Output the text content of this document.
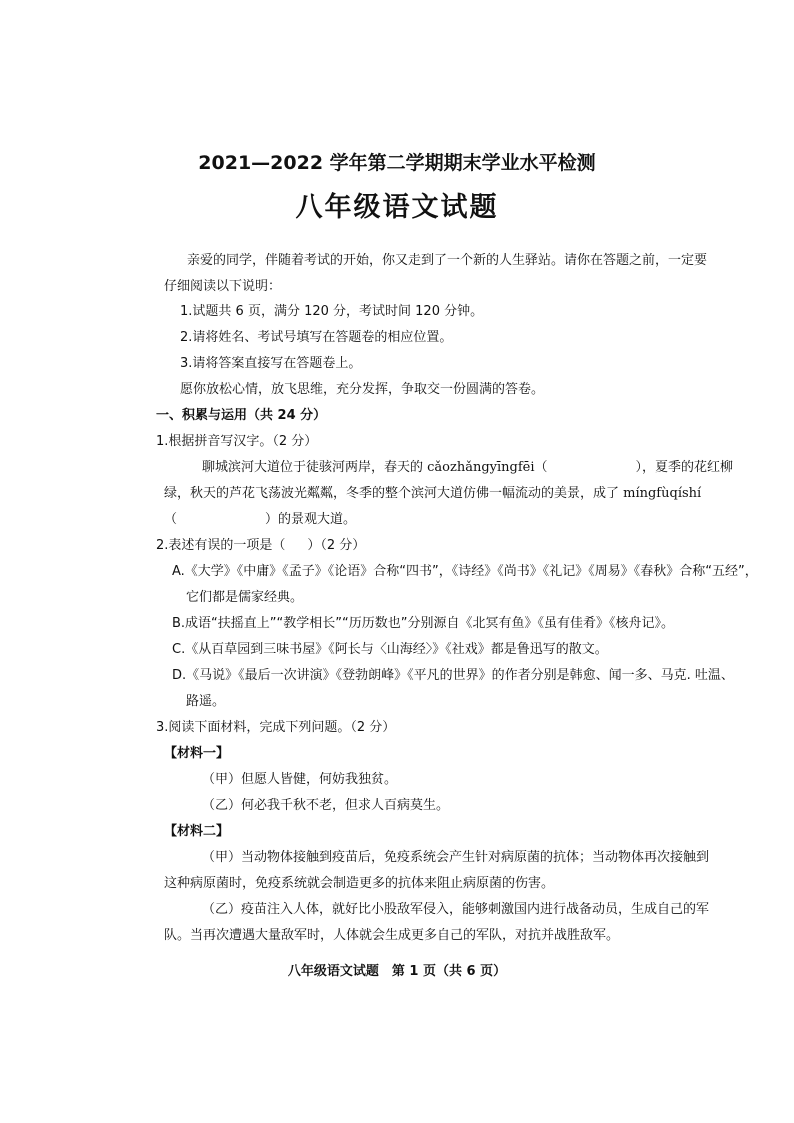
2021—2022 学年第二学期期末学业水平检测
八年级语文试题
亲爱的同学，伴随着考试的开始，你又走到了一个新的人生驿站。请你在答题之前，一定要
仔细阅读以下说明：
1.试题共 6 页，满分 120 分，考试时间 120 分钟。
2.请将姓名、考试号填写在答题卷的相应位置。
3.请将答案直接写在答题卷上。
愿你放松心情，放飞思维，充分发挥，争取交一份圆满的答卷。
一、积累与运用（共 24 分）
1.根据拼音写汉字。（2 分）
聊城滨河大道位于徒骇河两岸，春天的 cǎozhǎngyīngfēi（	），夏季的花红柳
绿，秋天的芦花飞荡波光粼粼，冬季的整个滨河大道仿佛一幅流动的美景，成了 míngfùqíshí
（	）的景观大道。
2.表述有误的一项是（ ）（2 分）
A.《大学》《中庸》《孟子》《论语》合称“四书”，《诗经》《尚书》《礼记》《周易》《春秋》合称“五经”，
它们都是儒家经典。
B.成语“扶摇直上”“教学相长”“历历数也”分别源自《北冥有鱼》《虽有佳肴》《核舟记》。
C.《从百草园到三味书屋》《阿长与〈山海经〉》《社戏》都是鲁迅写的散文。
D.《马说》《最后一次讲演》《登勃朗峰》《平凡的世界》的作者分别是韩愈、闻一多、马克. 吐温、
路遥。
3.阅读下面材料，完成下列问题。（2 分）
【材料一】
（甲）但愿人皆健，何妨我独贫。
（乙）何必我千秋不老，但求人百病莫生。
【材料二】
（甲）当动物体接触到疫苗后，免疫系统会产生针对病原菌的抗体；当动物体再次接触到
这种病原菌时，免疫系统就会制造更多的抗体来阻止病原菌的伤害。
（乙）疫苗注入人体，就好比小股敌军侵入，能够刺激国内进行战备动员，生成自己的军
队。当再次遭遇大量敌军时，人体就会生成更多自己的军队，对抗并战胜敌军。
八年级语文试题　第 1 页（共 6 页）
